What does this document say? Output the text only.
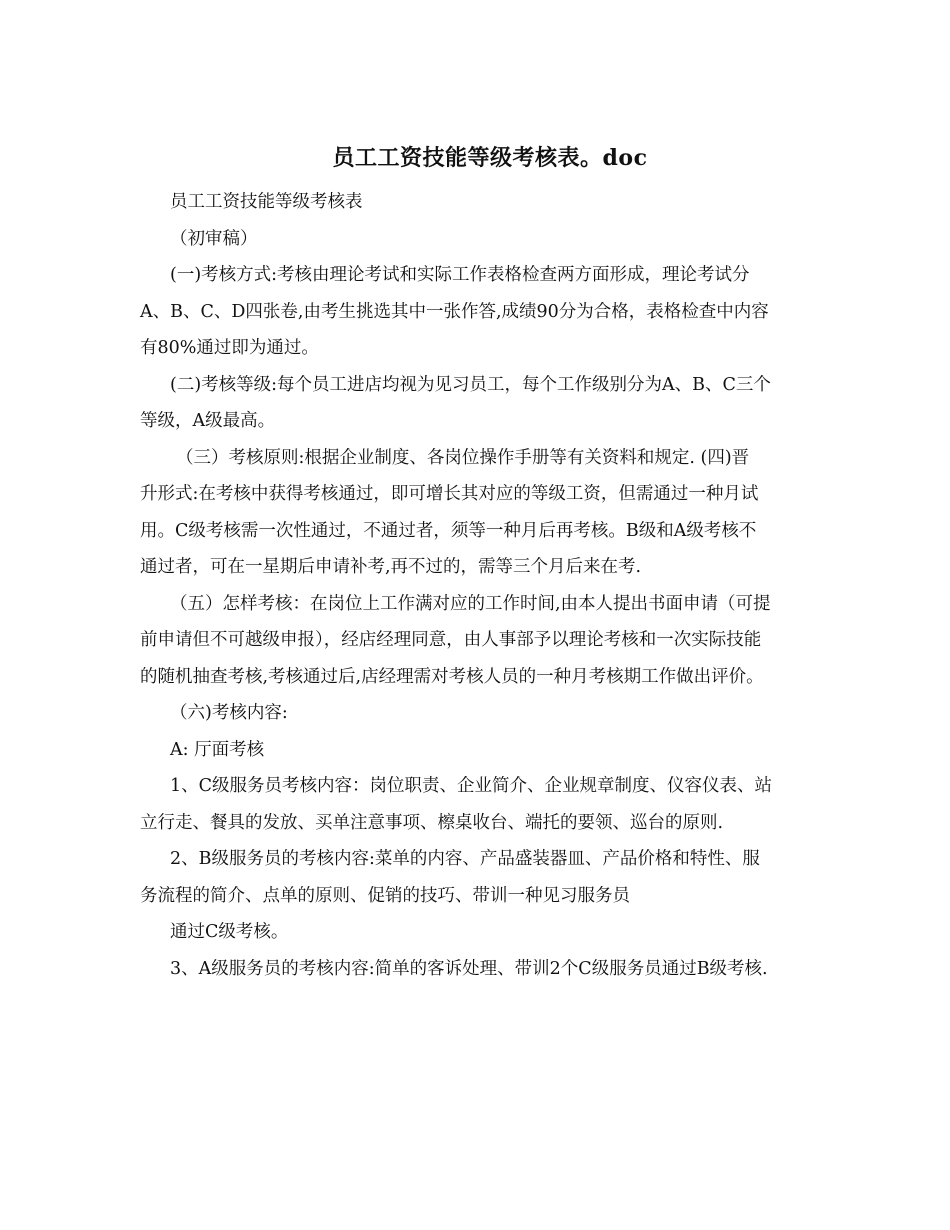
员工工资技能等级考核表。doc
员工工资技能等级考核表
（初审稿）
(一)考核方式:考核由理论考试和实际工作表格检查两方面形成，理论考试分
A、B、C、D四张卷,由考生挑选其中一张作答,成绩90分为合格，表格检查中内容
有80%通过即为通过。
(二)考核等级:每个员工进店均视为见习员工，每个工作级别分为A、B、C三个
等级，A级最高。
（三）考核原则:根据企业制度、各岗位操作手册等有关资料和规定. (四)晋
升形式:在考核中获得考核通过，即可增长其对应的等级工资，但需通过一种月试
用。C级考核需一次性通过，不通过者，须等一种月后再考核。B级和A级考核不
通过者，可在一星期后申请补考,再不过的，需等三个月后来在考.
（五）怎样考核：在岗位上工作满对应的工作时间,由本人提出书面申请（可提
前申请但不可越级申报），经店经理同意，由人事部予以理论考核和一次实际技能
的随机抽查考核,考核通过后,店经理需对考核人员的一种月考核期工作做出评价。
（六)考核内容:
A: 厅面考核
1、C级服务员考核内容：岗位职责、企业简介、企业规章制度、仪容仪表、站
立行走、餐具的发放、买单注意事项、檫桌收台、端托的要领、巡台的原则.
2、B级服务员的考核内容:菜单的内容、产品盛装器皿、产品价格和特性、服
务流程的简介、点单的原则、促销的技巧、带训一种见习服务员
通过C级考核。
3、A级服务员的考核内容:简单的客诉处理、带训2个C级服务员通过B级考核.
